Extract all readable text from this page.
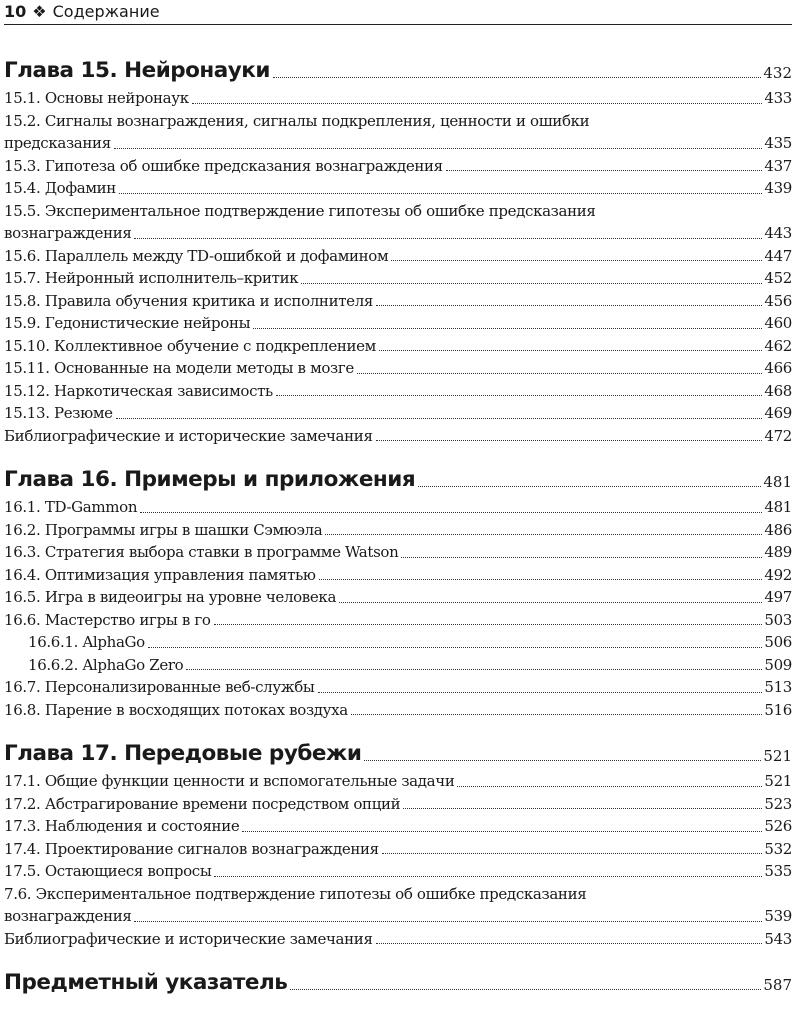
10 ❖ Содержание
Глава 15. Нейронауки	432
15.1. Основы нейронаук	433
15.2. Сигналы вознаграждения, сигналы подкрепления, ценности и ошибки
предсказания	435
15.3. Гипотеза об ошибке предсказания вознаграждения	437
15.4. Дофамин	439
15.5. Экспериментальное подтверждение гипотезы об ошибке предсказания
вознаграждения	443
15.6. Параллель между TD-ошибкой и дофамином	447
15.7. Нейронный исполнитель–критик	452
15.8. Правила обучения критика и исполнителя	456
15.9. Гедонистические нейроны	460
15.10. Коллективное обучение с подкреплением	462
15.11. Основанные на модели методы в мозге	466
15.12. Наркотическая зависимость	468
15.13. Резюме	469
Библиографические и исторические замечания	472
Глава 16. Примеры и приложения	481
16.1. TD-Gammon	481
16.2. Программы игры в шашки Сэмюэла	486
16.3. Стратегия выбора ставки в программе Watson	489
16.4. Оптимизация управления памятью	492
16.5. Игра в видеоигры на уровне человека	497
16.6. Мастерство игры в го	503
16.6.1. AlphaGo	506
16.6.2. AlphaGo Zero	509
16.7. Персонализированные веб-службы	513
16.8. Парение в восходящих потоках воздуха	516
Глава 17. Передовые рубежи	521
17.1. Общие функции ценности и вспомогательные задачи	521
17.2. Абстрагирование времени посредством опций	523
17.3. Наблюдения и состояние	526
17.4. Проектирование сигналов вознаграждения	532
17.5. Остающиеся вопросы	535
7.6. Экспериментальное подтверждение гипотезы об ошибке предсказания
вознаграждения	539
Библиографические и исторические замечания	543
Предметный указатель	587
